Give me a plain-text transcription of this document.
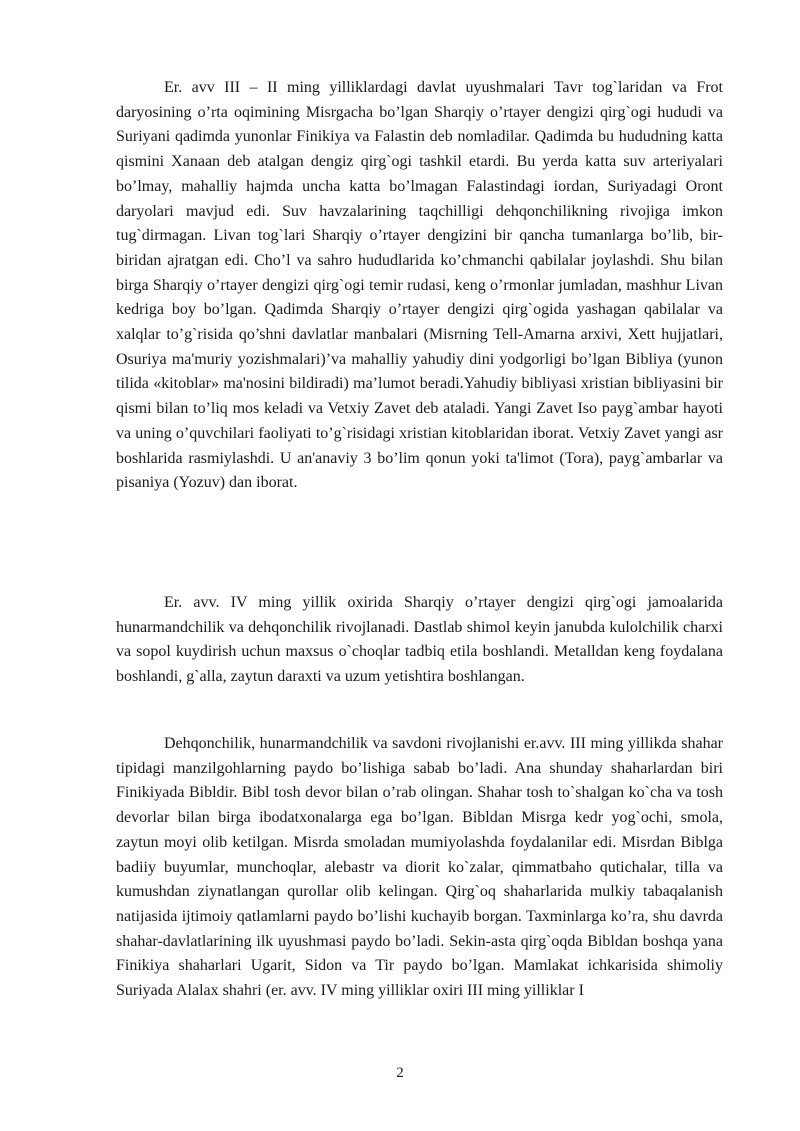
Er. avv III – II ming yilliklardagi davlat uyushmalari Tavr tog`laridan va Frot daryosining o’rta oqimining Misrgacha bo’lgan Sharqiy o’rtayer dengizi qirg`ogi hududi va Suriyani qadimda yunonlar Finikiya va Falastin deb nomladilar. Qadimda bu hududning katta qismini Xanaan deb atalgan dengiz qirg`ogi tashkil etardi. Bu yerda katta suv arteriyalari bo’lmay, mahalliy hajmda uncha katta bo’lmagan Falastindagi iordan, Suriyadagi Oront daryolari mavjud edi. Suv havzalarining taqchilligi dehqonchilikning rivojiga imkon tug`dirmagan. Livan tog`lari Sharqiy o’rtayer dengizini bir qancha tumanlarga bo’lib, bir-biridan ajratgan edi. Cho’l va sahro hududlarida ko’chmanchi qabilalar joylashdi. Shu bilan birga Sharqiy o’rtayer dengizi qirg`ogi temir rudasi, keng o’rmonlar jumladan, mashhur Livan kedriga boy bo’lgan. Qadimda Sharqiy o’rtayer dengizi qirg`ogida yashagan qabilalar va xalqlar to’g`risida qo’shni davlatlar manbalari (Misrning Tell-Amarna arxivi, Xett hujjatlari, Osuriya ma'muriy yozishmalari)’va mahalliy yahudiy dini yodgorligi bo’lgan Bibliya (yunon tilida «kitoblar» ma'nosini bildiradi) ma’lumot beradi.Yahudiy bibliyasi xristian bibliyasini bir qismi bilan to’liq mos keladi va Vetxiy Zavet deb ataladi. Yangi Zavet Iso payg`ambar hayoti va uning o’quvchilari faoliyati to’g`risidagi xristian kitoblaridan iborat. Vetxiy Zavet yangi asr boshlarida rasmiylashdi. U an'anaviy 3 bo’lim qonun yoki ta'limot (Tora), payg`ambarlar va pisaniya (Yozuv) dan iborat.

Er. avv. IV ming yillik oxirida Sharqiy o’rtayer dengizi qirg`ogi jamoalarida hunarmandchilik va dehqonchilik rivojlanadi. Dastlab shimol keyin janubda kulolchilik charxi va sopol kuydirish uchun maxsus o`choqlar tadbiq etila boshlandi. Metalldan keng foydalana boshlandi, g`alla, zaytun daraxti va uzum yetishtira boshlangan.

Dehqonchilik, hunarmandchilik va savdoni rivojlanishi er.avv. III ming yillikda shahar tipidagi manzilgohlarning paydo bo’lishiga sabab bo’ladi. Ana shunday shaharlardan biri Finikiyada Bibldir. Bibl tosh devor bilan o’rab olingan. Shahar tosh to`shalgan ko`cha va tosh devorlar bilan birga ibodatxonalarga ega bo’lgan. Bibldan Misrga kedr yog`ochi, smola, zaytun moyi olib ketilgan. Misrda smoladan mumiyolashda foydalanilar edi. Misrdan Biblga badiiy buyumlar, munchoqlar, alebastr va diorit ko`zalar, qimmatbaho qutichalar, tilla va kumushdan ziynatlangan qurollar olib kelingan. Qirg`oq shaharlarida mulkiy tabaqalanish natijasida ijtimoiy qatlamlarni paydo bo’lishi kuchayib borgan. Taxminlarga ko’ra, shu davrda shahar-davlatlarining ilk uyushmasi paydo bo’ladi. Sekin-asta qirg`oqda Bibldan boshqa yana Finikiya shaharlari Ugarit, Sidon va Tir paydo bo’lgan. Mamlakat ichkarisida shimoliy Suriyada Alalax shahri (er. avv. IV ming yilliklar oxiri III ming yilliklar I

2
